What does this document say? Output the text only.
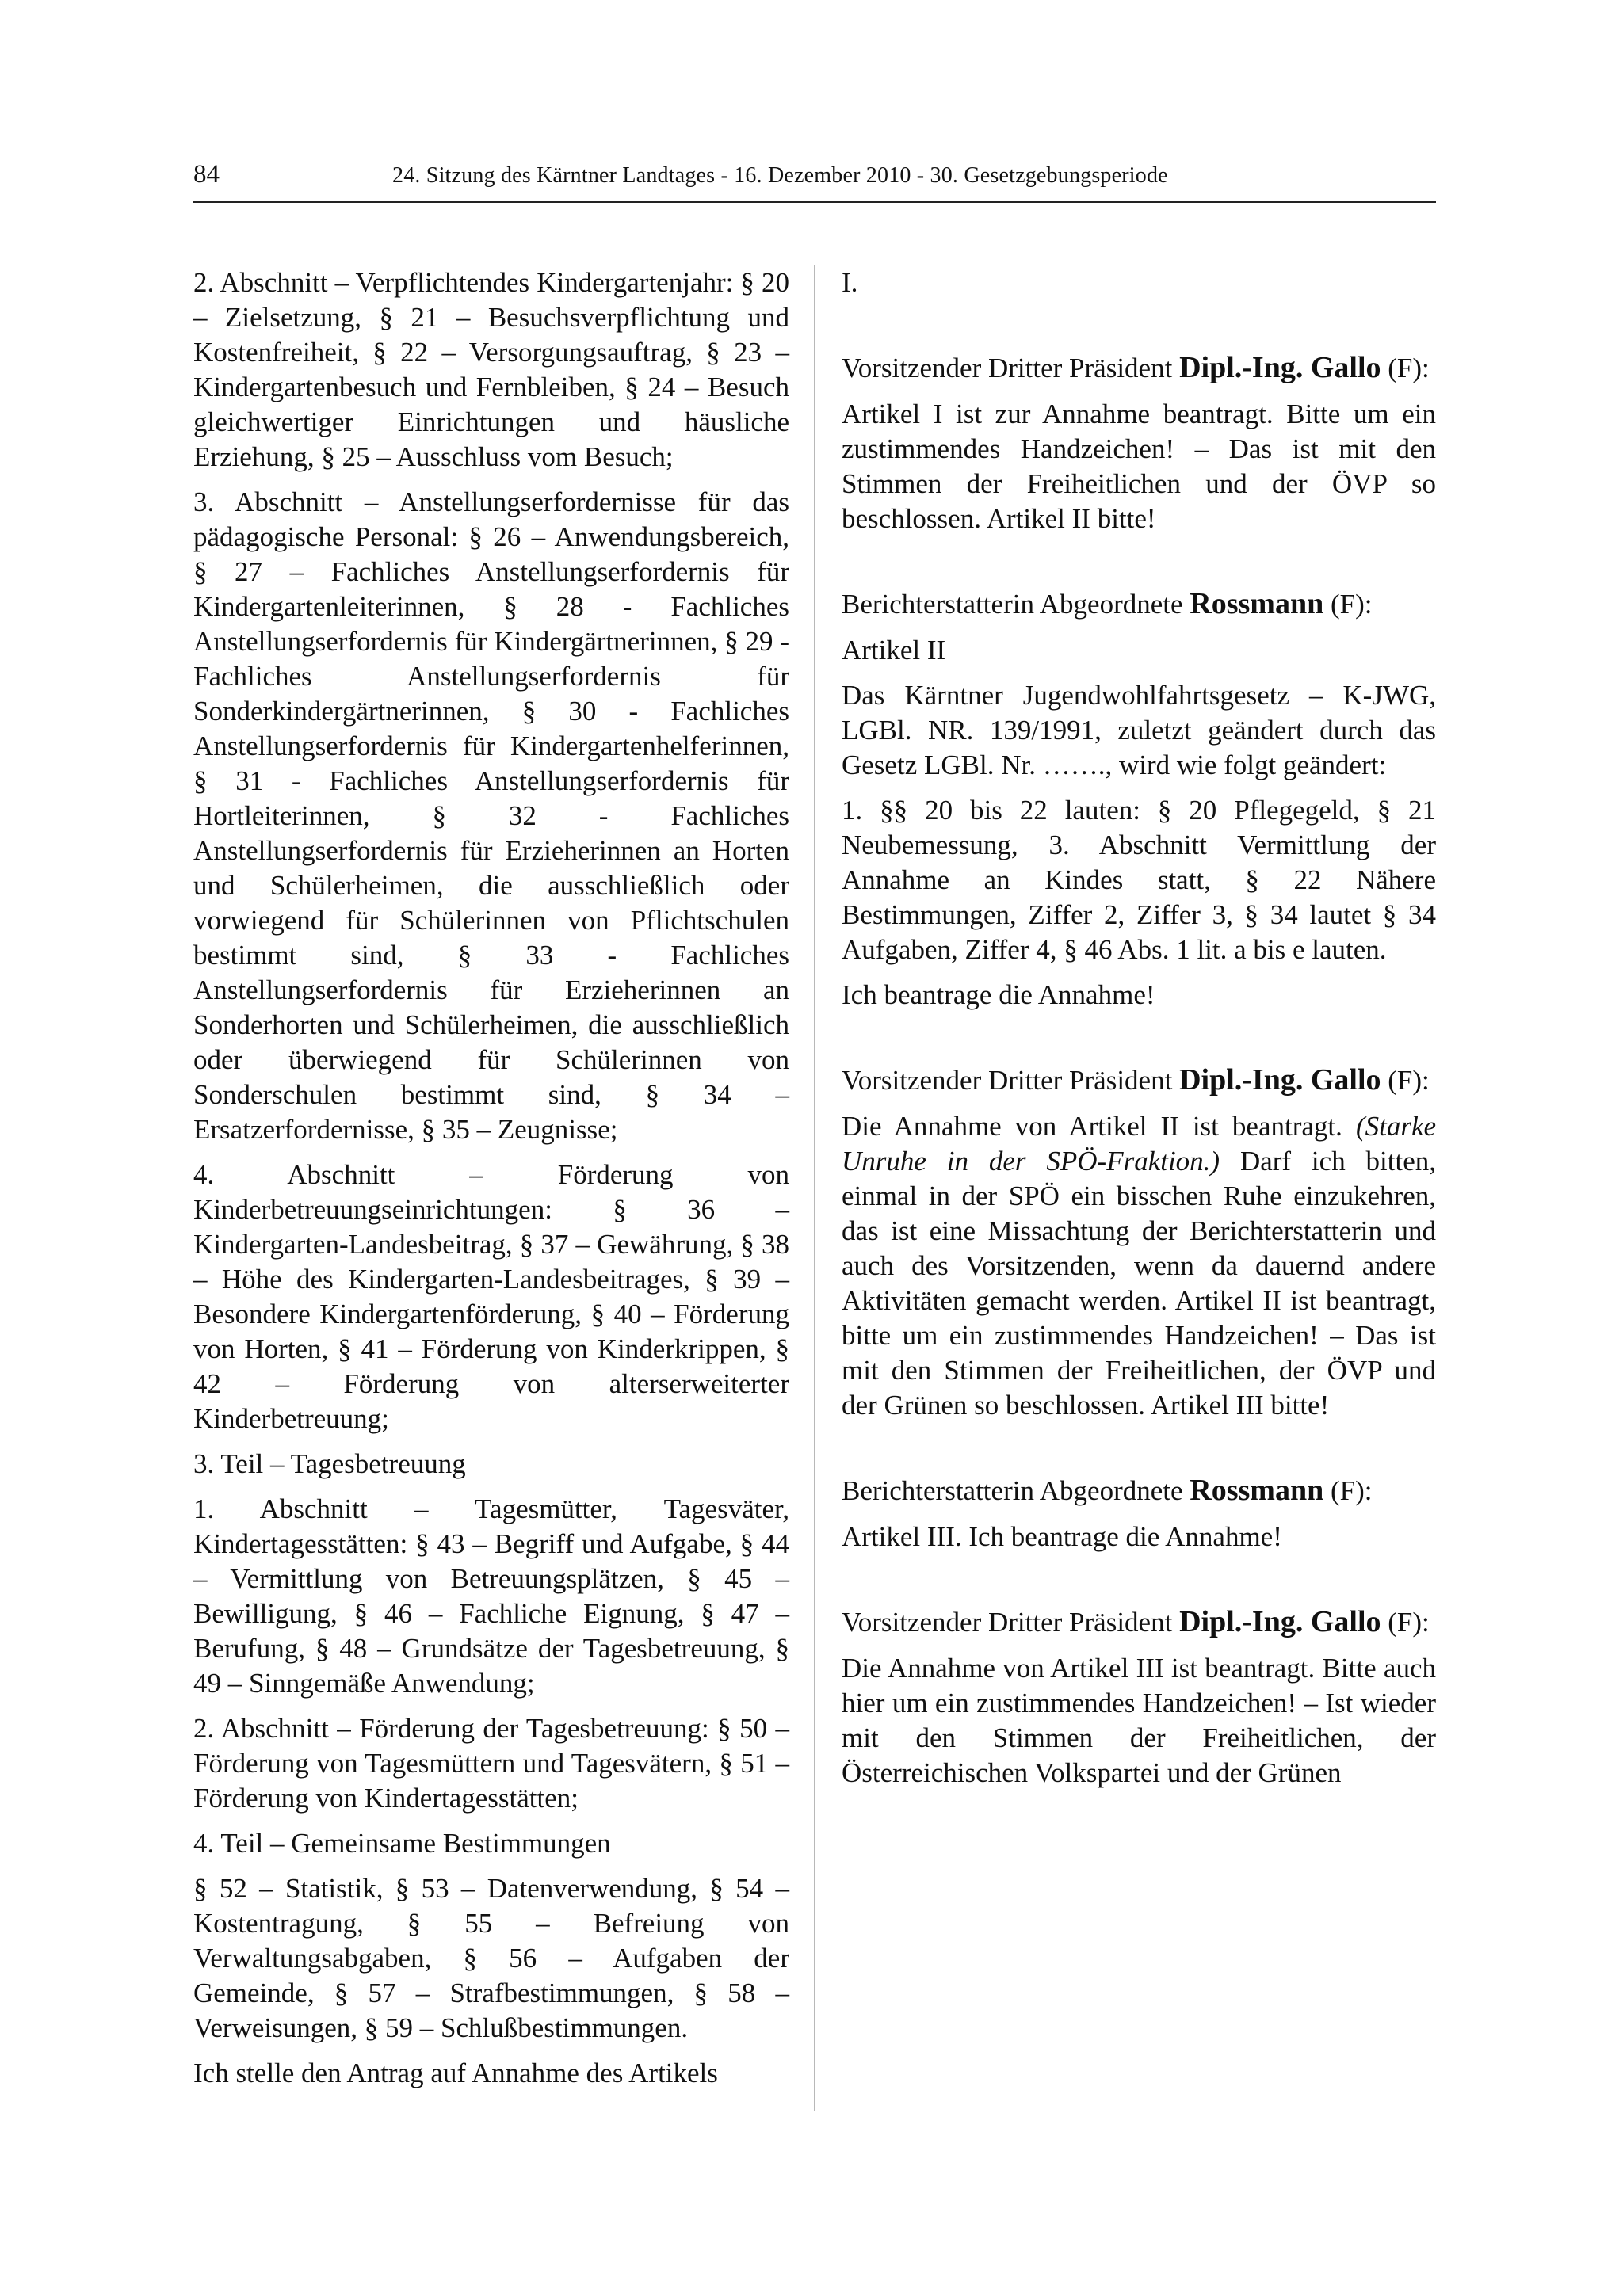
84	24. Sitzung des Kärntner Landtages - 16. Dezember 2010 - 30. Gesetzgebungsperiode

2. Abschnitt – Verpflichtendes Kindergartenjahr: § 20 – Zielsetzung, § 21 – Besuchsverpflichtung und Kostenfreiheit, § 22 – Versorgungsauftrag, § 23 – Kindergartenbesuch und Fernbleiben, § 24 – Besuch gleichwertiger Einrichtungen und häusliche Erziehung, § 25 – Ausschluss vom Besuch;

3. Abschnitt – Anstellungserfordernisse für das pädagogische Personal: § 26 – Anwendungsbereich, § 27 – Fachliches Anstellungserfordernis für Kindergartenleiterinnen, § 28 - Fachliches Anstellungserfordernis für Kindergärtnerinnen, § 29 - Fachliches Anstellungserfordernis für Sonderkindergärtnerinnen, § 30 - Fachliches Anstellungserfordernis für Kindergartenhelferinnen, § 31 - Fachliches Anstellungserfordernis für Hortleiterinnen, § 32 - Fachliches Anstellungserfordernis für Erzieherinnen an Horten und Schülerheimen, die ausschließlich oder vorwiegend für Schülerinnen von Pflichtschulen bestimmt sind, § 33 - Fachliches Anstellungserfordernis für Erzieherinnen an Sonderhorten und Schülerheimen, die ausschließlich oder überwiegend für Schülerinnen von Sonderschulen bestimmt sind, § 34 – Ersatzerfordernisse, § 35 – Zeugnisse;

4. Abschnitt – Förderung von Kinderbetreuungseinrichtungen: § 36 – Kindergarten-Landesbeitrag, § 37 – Gewährung, § 38 – Höhe des Kindergarten-Landesbeitrages, § 39 – Besondere Kindergartenförderung, § 40 – Förderung von Horten, § 41 – Förderung von Kinderkrippen, § 42 – Förderung von alterserweiterter Kinderbetreuung;

3. Teil – Tagesbetreuung

1. Abschnitt – Tagesmütter, Tagesväter, Kindertagesstätten: § 43 – Begriff und Aufgabe, § 44 – Vermittlung von Betreuungsplätzen, § 45 – Bewilligung, § 46 – Fachliche Eignung, § 47 – Berufung, § 48 – Grundsätze der Tagesbetreuung, § 49 – Sinngemäße Anwendung;

2. Abschnitt – Förderung der Tagesbetreuung: § 50 – Förderung von Tagesmüttern und Tagesvätern, § 51 – Förderung von Kindertagesstätten;

4. Teil – Gemeinsame Bestimmungen

§ 52 – Statistik, § 53 – Datenverwendung, § 54 – Kostentragung, § 55 – Befreiung von Verwaltungsabgaben, § 56 – Aufgaben der Gemeinde, § 57 – Strafbestimmungen, § 58 – Verweisungen, § 59 – Schlußbestimmungen.

Ich stelle den Antrag auf Annahme des Artikels

I.

Vorsitzender Dritter Präsident Dipl.-Ing. Gallo (F):

Artikel I ist zur Annahme beantragt. Bitte um ein zustimmendes Handzeichen! – Das ist mit den Stimmen der Freiheitlichen und der ÖVP so beschlossen. Artikel II bitte!

Berichterstatterin Abgeordnete Rossmann (F):

Artikel II

Das Kärntner Jugendwohlfahrtsgesetz – K-JWG, LGBl. NR. 139/1991, zuletzt geändert durch das Gesetz LGBl. Nr. ……., wird wie folgt geändert:

1. §§ 20 bis 22 lauten: § 20 Pflegegeld, § 21 Neubemessung, 3. Abschnitt Vermittlung der Annahme an Kindes statt, § 22 Nähere Bestimmungen, Ziffer 2, Ziffer 3, § 34 lautet § 34 Aufgaben, Ziffer 4, § 46 Abs. 1 lit. a bis e lauten.

Ich beantrage die Annahme!

Vorsitzender Dritter Präsident Dipl.-Ing. Gallo (F):

Die Annahme von Artikel II ist beantragt. (Starke Unruhe in der SPÖ-Fraktion.) Darf ich bitten, einmal in der SPÖ ein bisschen Ruhe einzukehren, das ist eine Missachtung der Berichterstatterin und auch des Vorsitzenden, wenn da dauernd andere Aktivitäten gemacht werden. Artikel II ist beantragt, bitte um ein zustimmendes Handzeichen! – Das ist mit den Stimmen der Freiheitlichen, der ÖVP und der Grünen so beschlossen. Artikel III bitte!

Berichterstatterin Abgeordnete Rossmann (F):

Artikel III. Ich beantrage die Annahme!

Vorsitzender Dritter Präsident Dipl.-Ing. Gallo (F):

Die Annahme von Artikel III ist beantragt. Bitte auch hier um ein zustimmendes Handzeichen! – Ist wieder mit den Stimmen der Freiheitlichen, der Österreichischen Volkspartei und der Grünen
